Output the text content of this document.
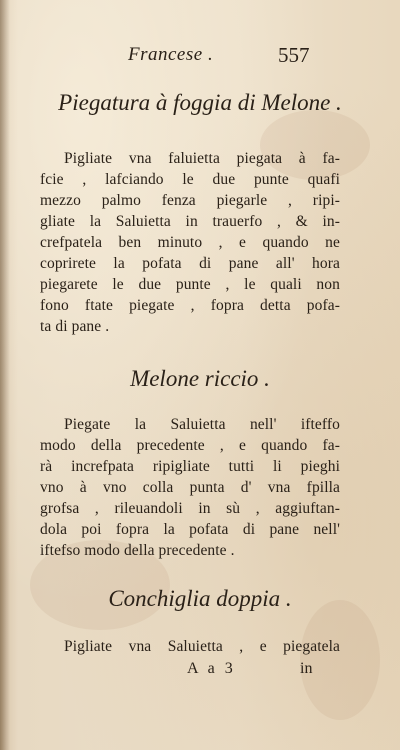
Francese .	557
Piegatura à foggia di Melone .
Pigliate vna faluietta piegata à fa-
fcie , lafciando le due punte quafi
mezzo palmo fenza piegarle , ripi-
gliate la Saluietta in trauerfo , & in-
crefpatela ben minuto , e quando ne
coprirete la pofata di pane all' hora
piegarete le due punte , le quali non
fono ftate piegate , fopra detta pofa-
ta di pane .
Melone riccio .
Piegate la Saluietta nell' ifteffo
modo della precedente , e quando fa-
rà increfpata ripigliate tutti li pieghi
vno à vno colla punta d' vna fpilla
grofsa , rileuandoli in sù , aggiuftan-
dola poi fopra la pofata di pane nell'
iftefso modo della precedente .
Conchiglia doppia .
Pigliate vna Saluietta , e piegatela
A a 3	in
